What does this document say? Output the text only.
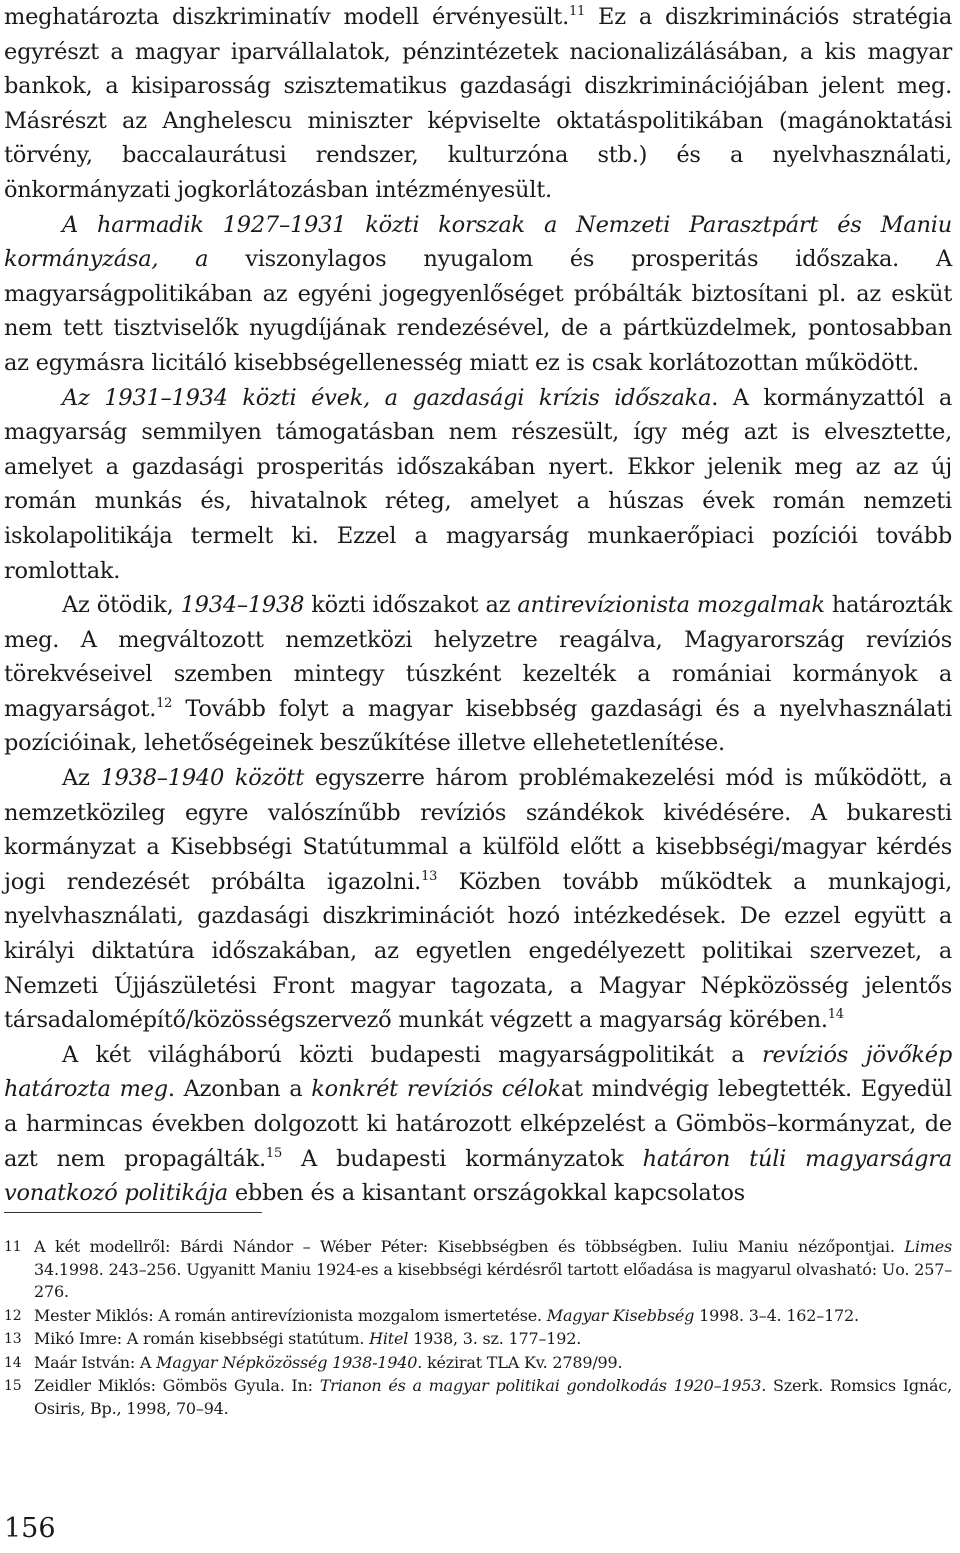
meghatározta diszkriminatív modell érvényesült.$^{11}$ Ez a diszkriminációs stratégia egyrészt a magyar iparvállalatok, pénzintézetek nacionalizálásában, a kis magyar bankok, a kisiparosság szisztematikus gazdasági diszkriminációjában jelent meg. Másrészt az Anghelescu miniszter képviselte oktatáspolitikában (magánoktatási törvény, baccalaurátusi rendszer, kulturzóna stb.) és a nyelvhasználati, önkormányzati jogkorlátozásban intézményesült.

A harmadik 1927–1931 közti korszak a Nemzeti Parasztpárt és Maniu kormányzása, a viszonylagos nyugalom és prosperitás időszaka. A magyarságpolitikában az egyéni jogegyenlőséget próbálták biztosítani pl. az esküt nem tett tisztviselők nyugdíjának rendezésével, de a pártküzdelmek, pontosabban az egymásra licitáló kisebbségellenesség miatt ez is csak korlátozottan működött.

Az 1931–1934 közti évek, a gazdasági krízis időszaka. A kormányzattól a magyarság semmilyen támogatásban nem részesült, így még azt is elvesztette, amelyet a gazdasági prosperitás időszakában nyert. Ekkor jelenik meg az az új román munkás és, hivatalnok réteg, amelyet a húszas évek román nemzeti iskolapolitikája termelt ki. Ezzel a magyarság munkaerőpiaci pozíciói tovább romlottak.

Az ötödik, 1934–1938 közti időszakot az antirevízionista mozgalmak határozták meg. A megváltozott nemzetközi helyzetre reagálva, Magyarország revíziós törekvéseivel szemben mintegy túszként kezelték a romániai kormányok a magyarságot.$^{12}$ Tovább folyt a magyar kisebbség gazdasági és a nyelvhasználati pozícióinak, lehetőségeinek beszűkítése illetve ellehetetlenítése.

Az 1938–1940 között egyszerre három problémakezelési mód is működött, a nemzetközileg egyre valószínűbb revíziós szándékok kivédésére. A bukaresti kormányzat a Kisebbségi Statútummal a külföld előtt a kisebbségi/magyar kérdés jogi rendezését próbálta igazolni.$^{13}$ Közben tovább működtek a munkajogi, nyelvhasználati, gazdasági diszkriminációt hozó intézkedések. De ezzel együtt a királyi diktatúra időszakában, az egyetlen engedélyezett politikai szervezet, a Nemzeti Újjászületési Front magyar tagozata, a Magyar Népközösség jelentős társadalomépítő/közösségszervező munkát végzett a magyarság körében.$^{14}$

A két világháború közti budapesti magyarságpolitikát a revíziós jövőkép határozta meg. Azonban a konkrét revíziós célokat mindvégig lebegtették. Egyedül a harmincas években dolgozott ki határozott elképzelést a Gömbös–kormányzat, de azt nem propagálták.$^{15}$ A budapesti kormányzatok határon túli magyarságra vonatkozó politikája ebben és a kisantant országokkal kapcsolatos

11 A két modellről: Bárdi Nándor – Wéber Péter: Kisebbségben és többségben. Iuliu Maniu nézőpontjai. Limes 34.1998. 243–256. Ugyanitt Maniu 1924-es a kisebbségi kérdésről tartott előadása is magyarul olvasható: Uo. 257–276.
12 Mester Miklós: A román antirevízionista mozgalom ismertetése. Magyar Kisebbség 1998. 3–4. 162–172.
13 Mikó Imre: A román kisebbségi statútum. Hitel 1938, 3. sz. 177–192.
14 Maár István: A Magyar Népközösség 1938-1940. kézirat TLA Kv. 2789/99.
15 Zeidler Miklós: Gömbös Gyula. In: Trianon és a magyar politikai gondolkodás 1920–1953. Szerk. Romsics Ignác, Osiris, Bp., 1998, 70–94.
156
